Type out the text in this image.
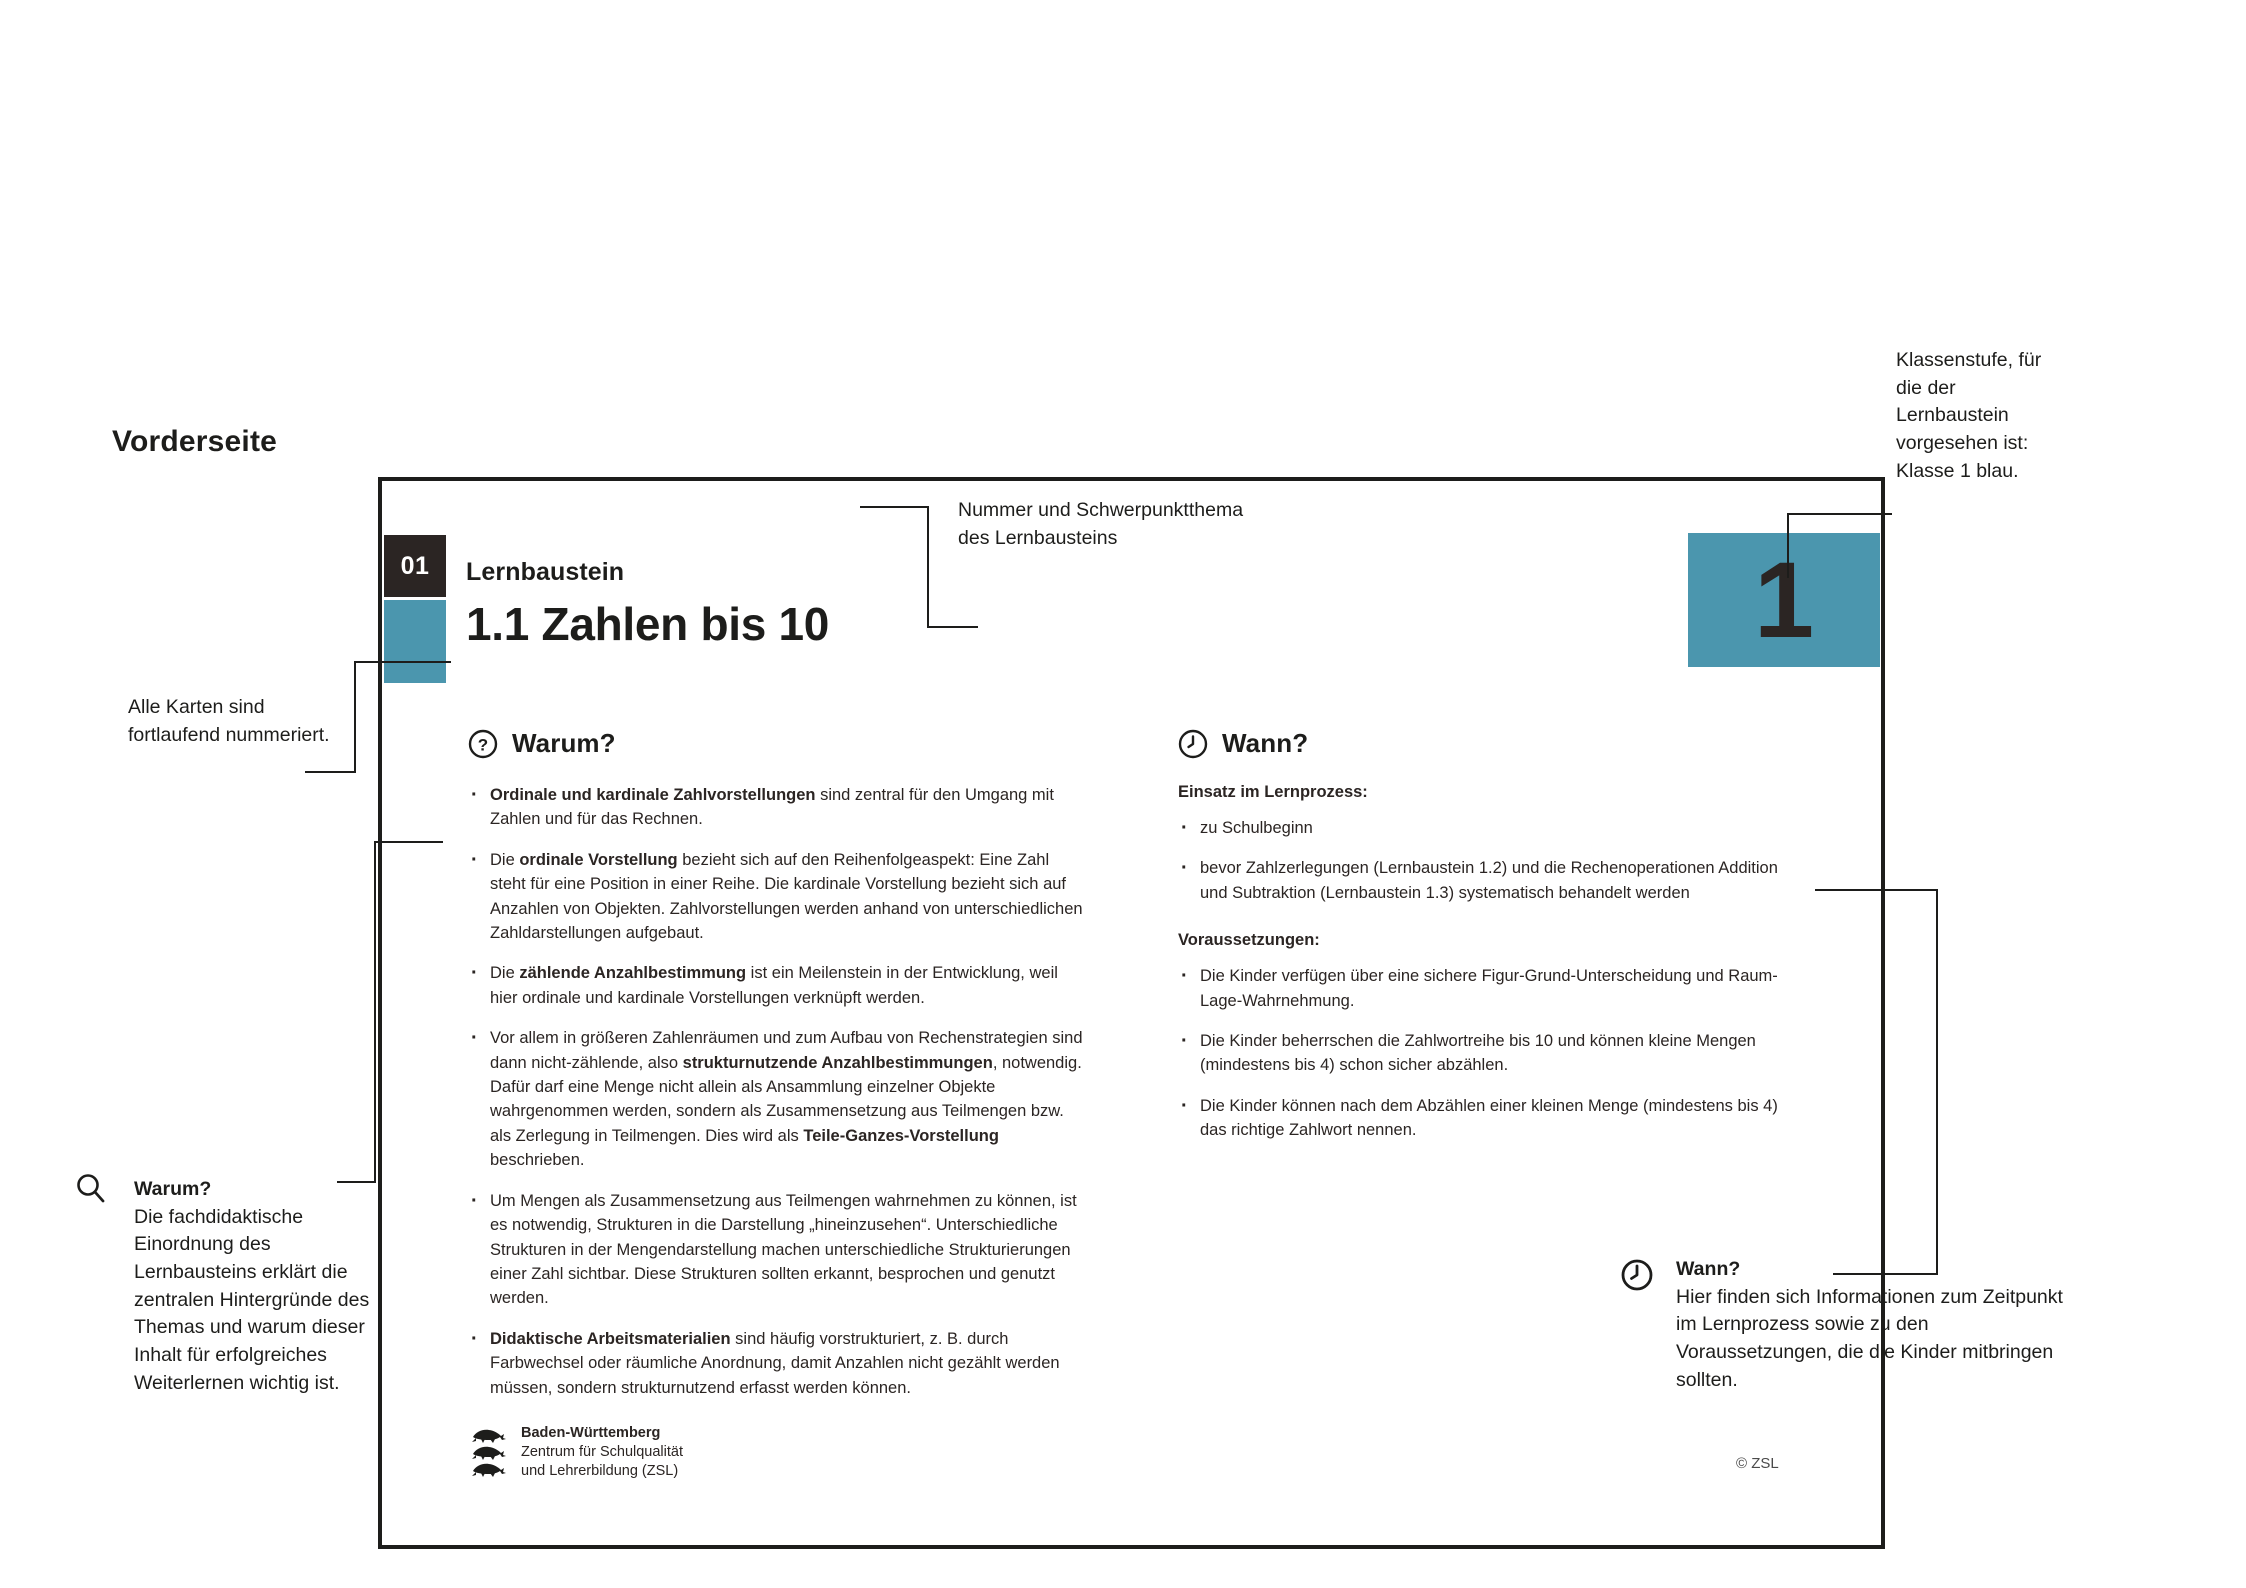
Vorderseite
01	Lernbaustein
1.1 Zahlen bis 10	1
? Warum?
· Ordinale und kardinale Zahlvorstellungen sind zentral für den Umgang mit Zahlen und für das Rechnen.
· Die ordinale Vorstellung bezieht sich auf den Reihenfolgeaspekt: Eine Zahl steht für eine Position in einer Reihe. Die kardinale Vorstellung bezieht sich auf Anzahlen von Objekten. Zahlvorstellungen werden anhand von unterschiedlichen Zahldarstellungen aufgebaut.
· Die zählende Anzahlbestimmung ist ein Meilenstein in der Entwicklung, weil hier ordinale und kardinale Vorstellungen verknüpft werden.
· Vor allem in größeren Zahlenräumen und zum Aufbau von Rechenstrategien sind dann nicht-zählende, also strukturnutzende Anzahlbestimmungen, notwendig. Dafür darf eine Menge nicht allein als Ansammlung einzelner Objekte wahrgenommen werden, sondern als Zusammensetzung aus Teilmengen bzw. als Zerlegung in Teilmengen. Dies wird als Teile-Ganzes-Vorstellung beschrieben.
· Um Mengen als Zusammensetzung aus Teilmengen wahrnehmen zu können, ist es notwendig, Strukturen in die Darstellung „hineinzusehen“. Unterschiedliche Strukturen in der Mengendarstellung machen unterschiedliche Strukturierungen einer Zahl sichtbar. Diese Strukturen sollten erkannt, besprochen und genutzt werden.
· Didaktische Arbeitsmaterialien sind häufig vorstrukturiert, z. B. durch Farbwechsel oder räumliche Anordnung, damit Anzahlen nicht gezählt werden müssen, sondern strukturnutzend erfasst werden können.
Wann?

Einsatz im Lernprozess:

· zu Schulbeginn
· bevor Zahlzerlegungen (Lernbaustein 1.2) und die Rechenoperationen Addition und Subtraktion (Lernbaustein 1.3) systematisch behandelt werden

Voraussetzungen:

· Die Kinder verfügen über eine sichere Figur-Grund-Unterscheidung und Raum-Lage-Wahrnehmung.
· Die Kinder beherrschen die Zahlwortreihe bis 10 und können kleine Mengen (mindestens bis 4) schon sicher abzählen.
· Die Kinder können nach dem Abzählen einer kleinen Menge (mindestens bis 4) das richtige Zahlwort nennen.
Baden-Württemberg
Zentrum für Schulqualität
und Lehrerbildung (ZSL)	© ZSL
Nummer und Schwerpunktthema
des Lernbausteins
Klassenstufe, für
die der
Lernbaustein
vorgesehen ist:
Klasse 1 blau.
Alle Karten sind
fortlaufend nummeriert.
Warum?
Die fachdidaktische
Einordnung des
Lernbausteins erklärt die
zentralen Hintergründe des
Themas und warum dieser
Inhalt für erfolgreiches
Weiterlernen wichtig ist.
Wann?
Hier finden sich Informationen zum Zeitpunkt
im Lernprozess sowie zu den
Voraussetzungen, die die Kinder mitbringen
sollten.
